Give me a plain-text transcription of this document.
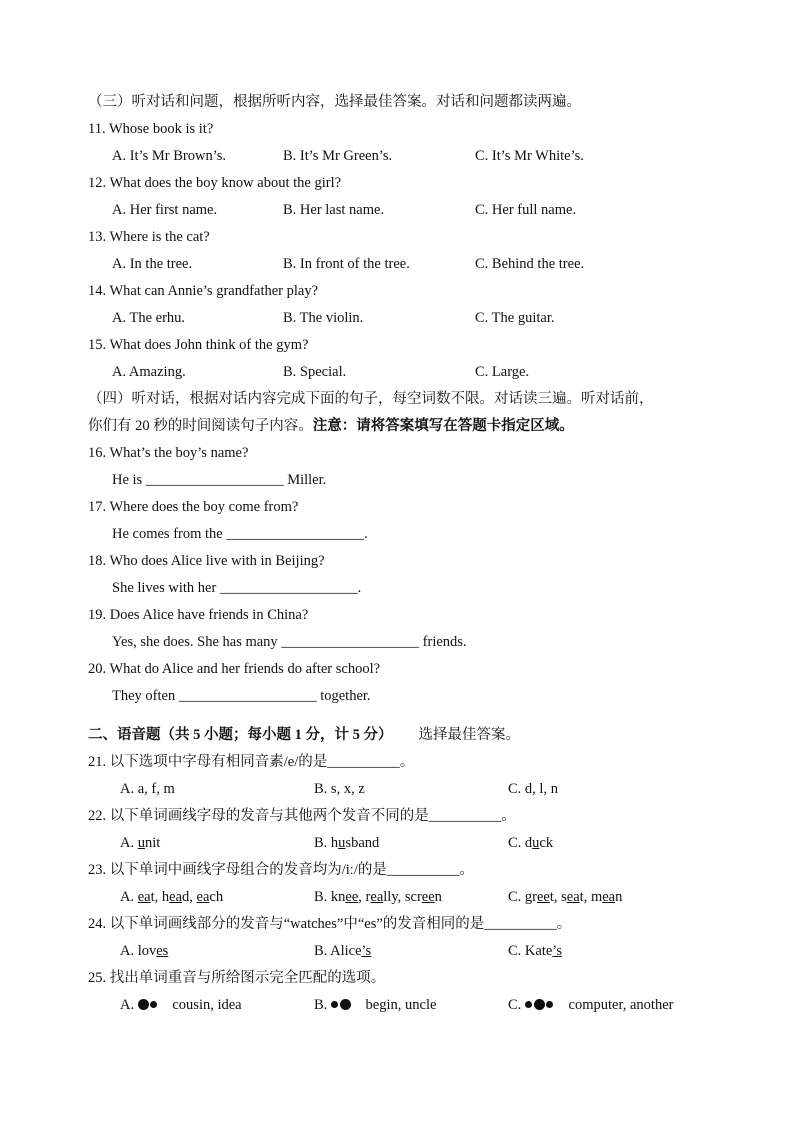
（三）听对话和问题，根据所听内容，选择最佳答案。对话和问题都读两遍。
11. Whose book is it?
A. It’s Mr Brown’s.	B. It’s Mr Green’s.	C. It’s Mr White’s.
12. What does the boy know about the girl?
A. Her first name.	B. Her last name.	C. Her full name.
13. Where is the cat?
A. In the tree.	B. In front of the tree.	C. Behind the tree.
14. What can Annie’s grandfather play?
A. The erhu.	B. The violin.	C. The guitar.
15. What does John think of the gym?
A. Amazing.	B. Special.	C. Large.
（四）听对话，根据对话内容完成下面的句子，每空词数不限。对话读三遍。听对话前，
你们有 20 秒的时间阅读句子内容。注意：请将答案填写在答题卡指定区域。
16. What’s the boy’s name?
He is ___________________ Miller.
17. Where does the boy come from?
He comes from the ___________________.
18. Who does Alice live with in Beijing?
She lives with her ___________________.
19. Does Alice have friends in China?
Yes, she does. She has many ___________________ friends.
20. What do Alice and her friends do after school?
They often ___________________ together.
二、语音题（共 5 小题；每小题 1 分，计 5 分） 选择最佳答案。
21. 以下选项中字母有相同音素/e/的是__________。
A. a, f, m	B. s, x, z	C. d, l, n
22. 以下单词画线字母的发音与其他两个发音不同的是__________。
A. unit	B. husband	C. duck
23. 以下单词中画线字母组合的发音均为/iː/的是__________。
A. eat, head, each	B. knee, really, screen	C. greet, seat, mean
24. 以下单词画线部分的发音与“watches”中“es”的发音相同的是__________。
A. loves	B. Alice’s	C. Kate’s
25. 找出单词重音与所给图示完全匹配的选项。
A.	cousin, idea	B.	begin, uncle	C.	computer, another
